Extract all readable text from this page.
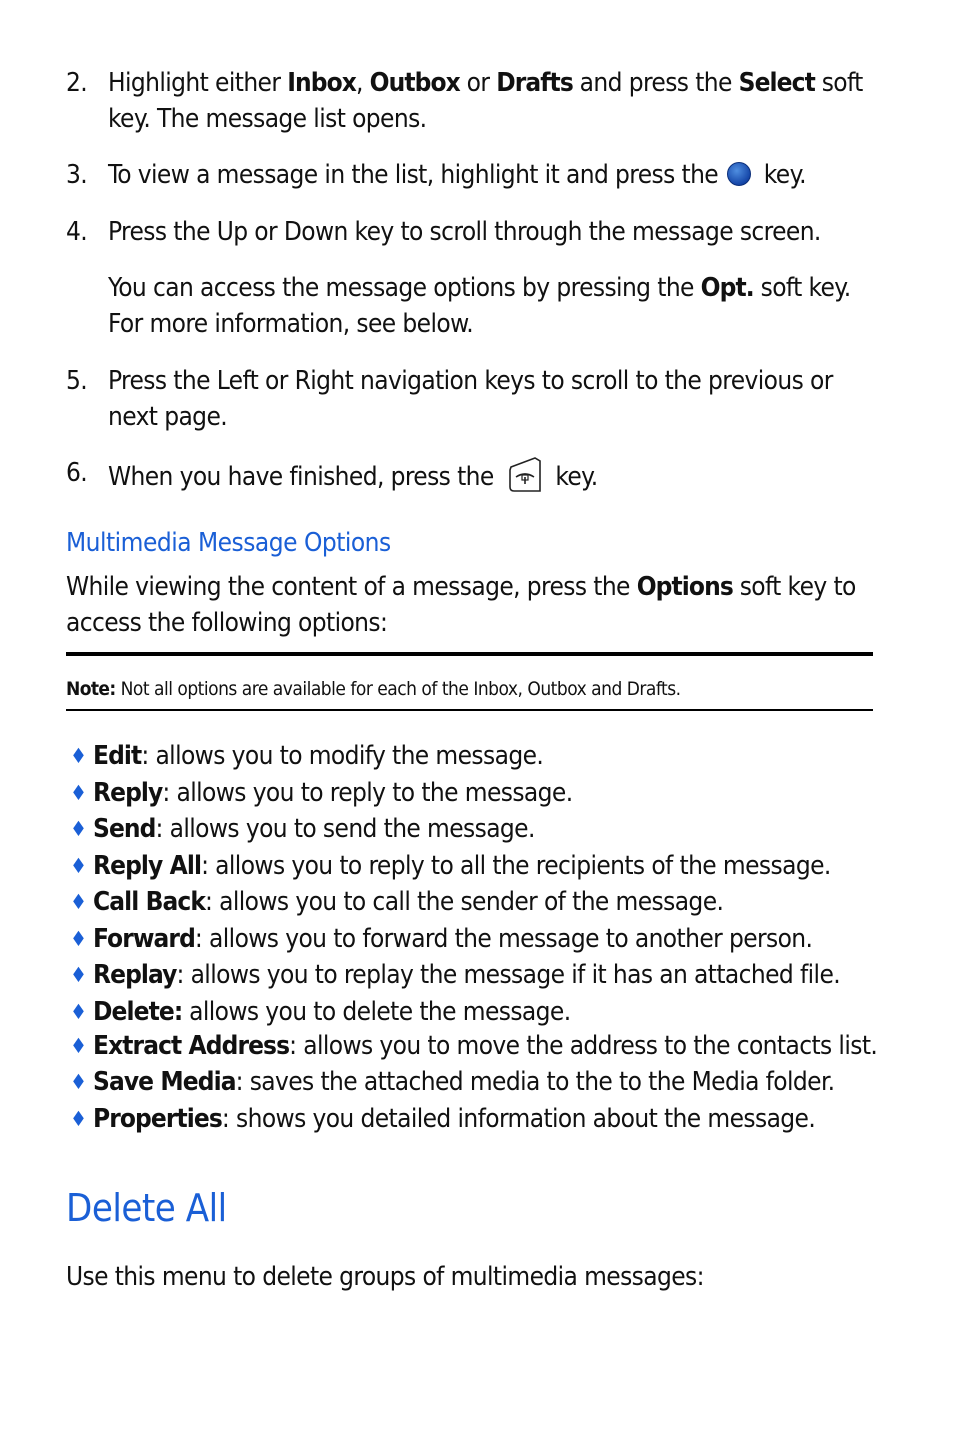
2. Highlight either Inbox, Outbox or Drafts and press the Select soft key. The message list opens.
3. To view a message in the list, highlight it and press the key.
4. Press the Up or Down key to scroll through the message screen.
You can access the message options by pressing the Opt. soft key. For more information, see below.
5. Press the Left or Right navigation keys to scroll to the previous or next page.
6. When you have finished, press the key.
Multimedia Message Options
While viewing the content of a message, press the Options soft key to access the following options:
Note: Not all options are available for each of the Inbox, Outbox and Drafts.
♦ Edit: allows you to modify the message.
♦ Reply: allows you to reply to the message.
♦ Send: allows you to send the message.
♦ Reply All: allows you to reply to all the recipients of the message.
♦ Call Back: allows you to call the sender of the message.
♦ Forward: allows you to forward the message to another person.
♦ Replay: allows you to replay the message if it has an attached file.
♦ Delete: allows you to delete the message.
♦ Extract Address: allows you to move the address to the contacts list.
♦ Save Media: saves the attached media to the to the Media folder.
♦ Properties: shows you detailed information about the message.
Delete All
Use this menu to delete groups of multimedia messages:
